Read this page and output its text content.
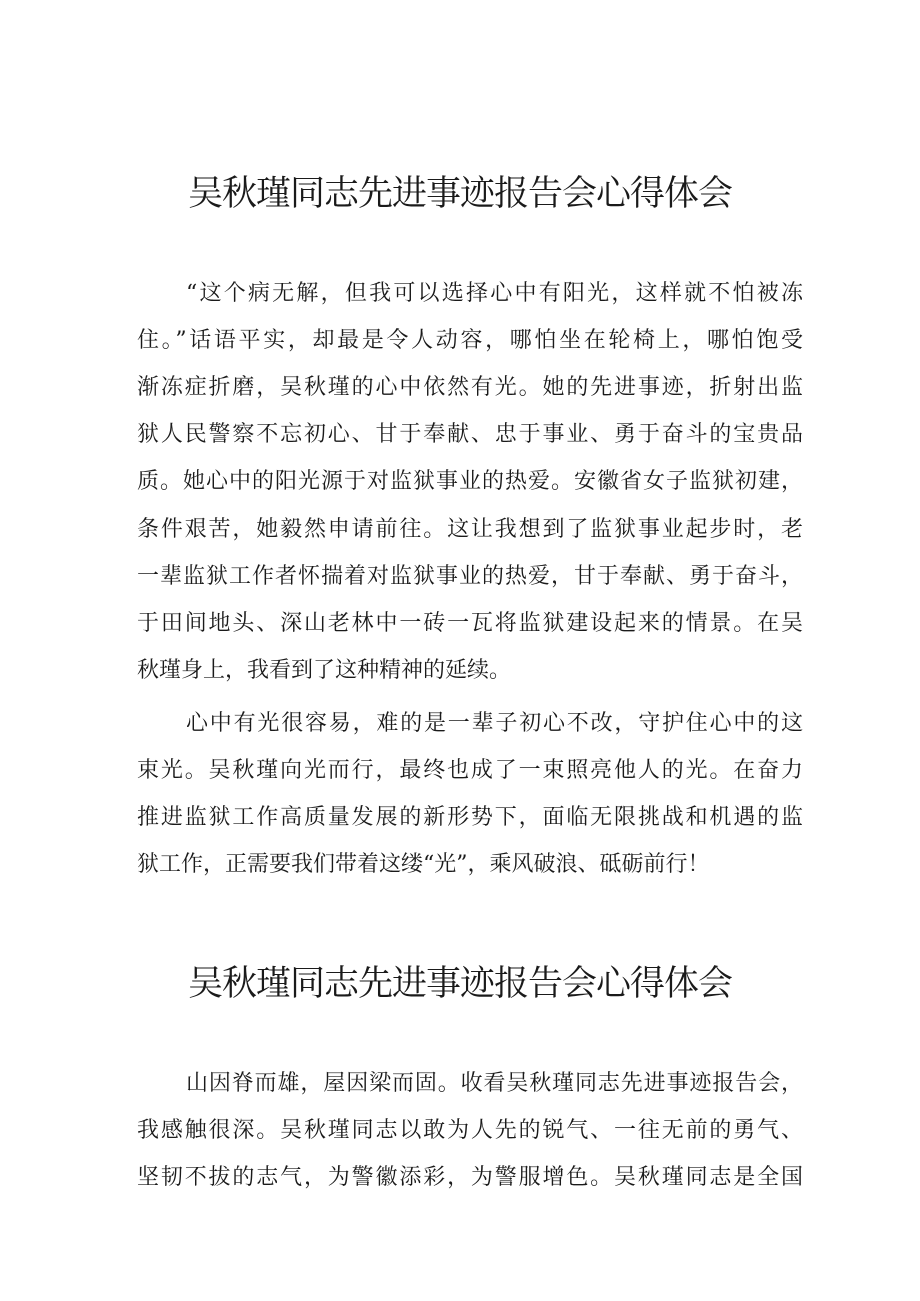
吴秋瑾同志先进事迹报告会心得体会

“这个病无解，但我可以选择心中有阳光，这样就不怕被冻

住。”话语平实，却最是令人动容，哪怕坐在轮椅上，哪怕饱受

渐冻症折磨，吴秋瑾的心中依然有光。她的先进事迹，折射出监

狱人民警察不忘初心、甘于奉献、忠于事业、勇于奋斗的宝贵品

质。她心中的阳光源于对监狱事业的热爱。安徽省女子监狱初建，

条件艰苦，她毅然申请前往。这让我想到了监狱事业起步时，老

一辈监狱工作者怀揣着对监狱事业的热爱，甘于奉献、勇于奋斗，

于田间地头、深山老林中一砖一瓦将监狱建设起来的情景。在吴

秋瑾身上，我看到了这种精神的延续。

心中有光很容易，难的是一辈子初心不改，守护住心中的这

束光。吴秋瑾向光而行，最终也成了一束照亮他人的光。在奋力

推进监狱工作高质量发展的新形势下，面临无限挑战和机遇的监

狱工作，正需要我们带着这缕“光”，乘风破浪、砥砺前行！

吴秋瑾同志先进事迹报告会心得体会

山因脊而雄，屋因梁而固。收看吴秋瑾同志先进事迹报告会，

我感触很深。吴秋瑾同志以敢为人先的锐气、一往无前的勇气、

坚韧不拔的志气，为警徽添彩，为警服增色。吴秋瑾同志是全国
